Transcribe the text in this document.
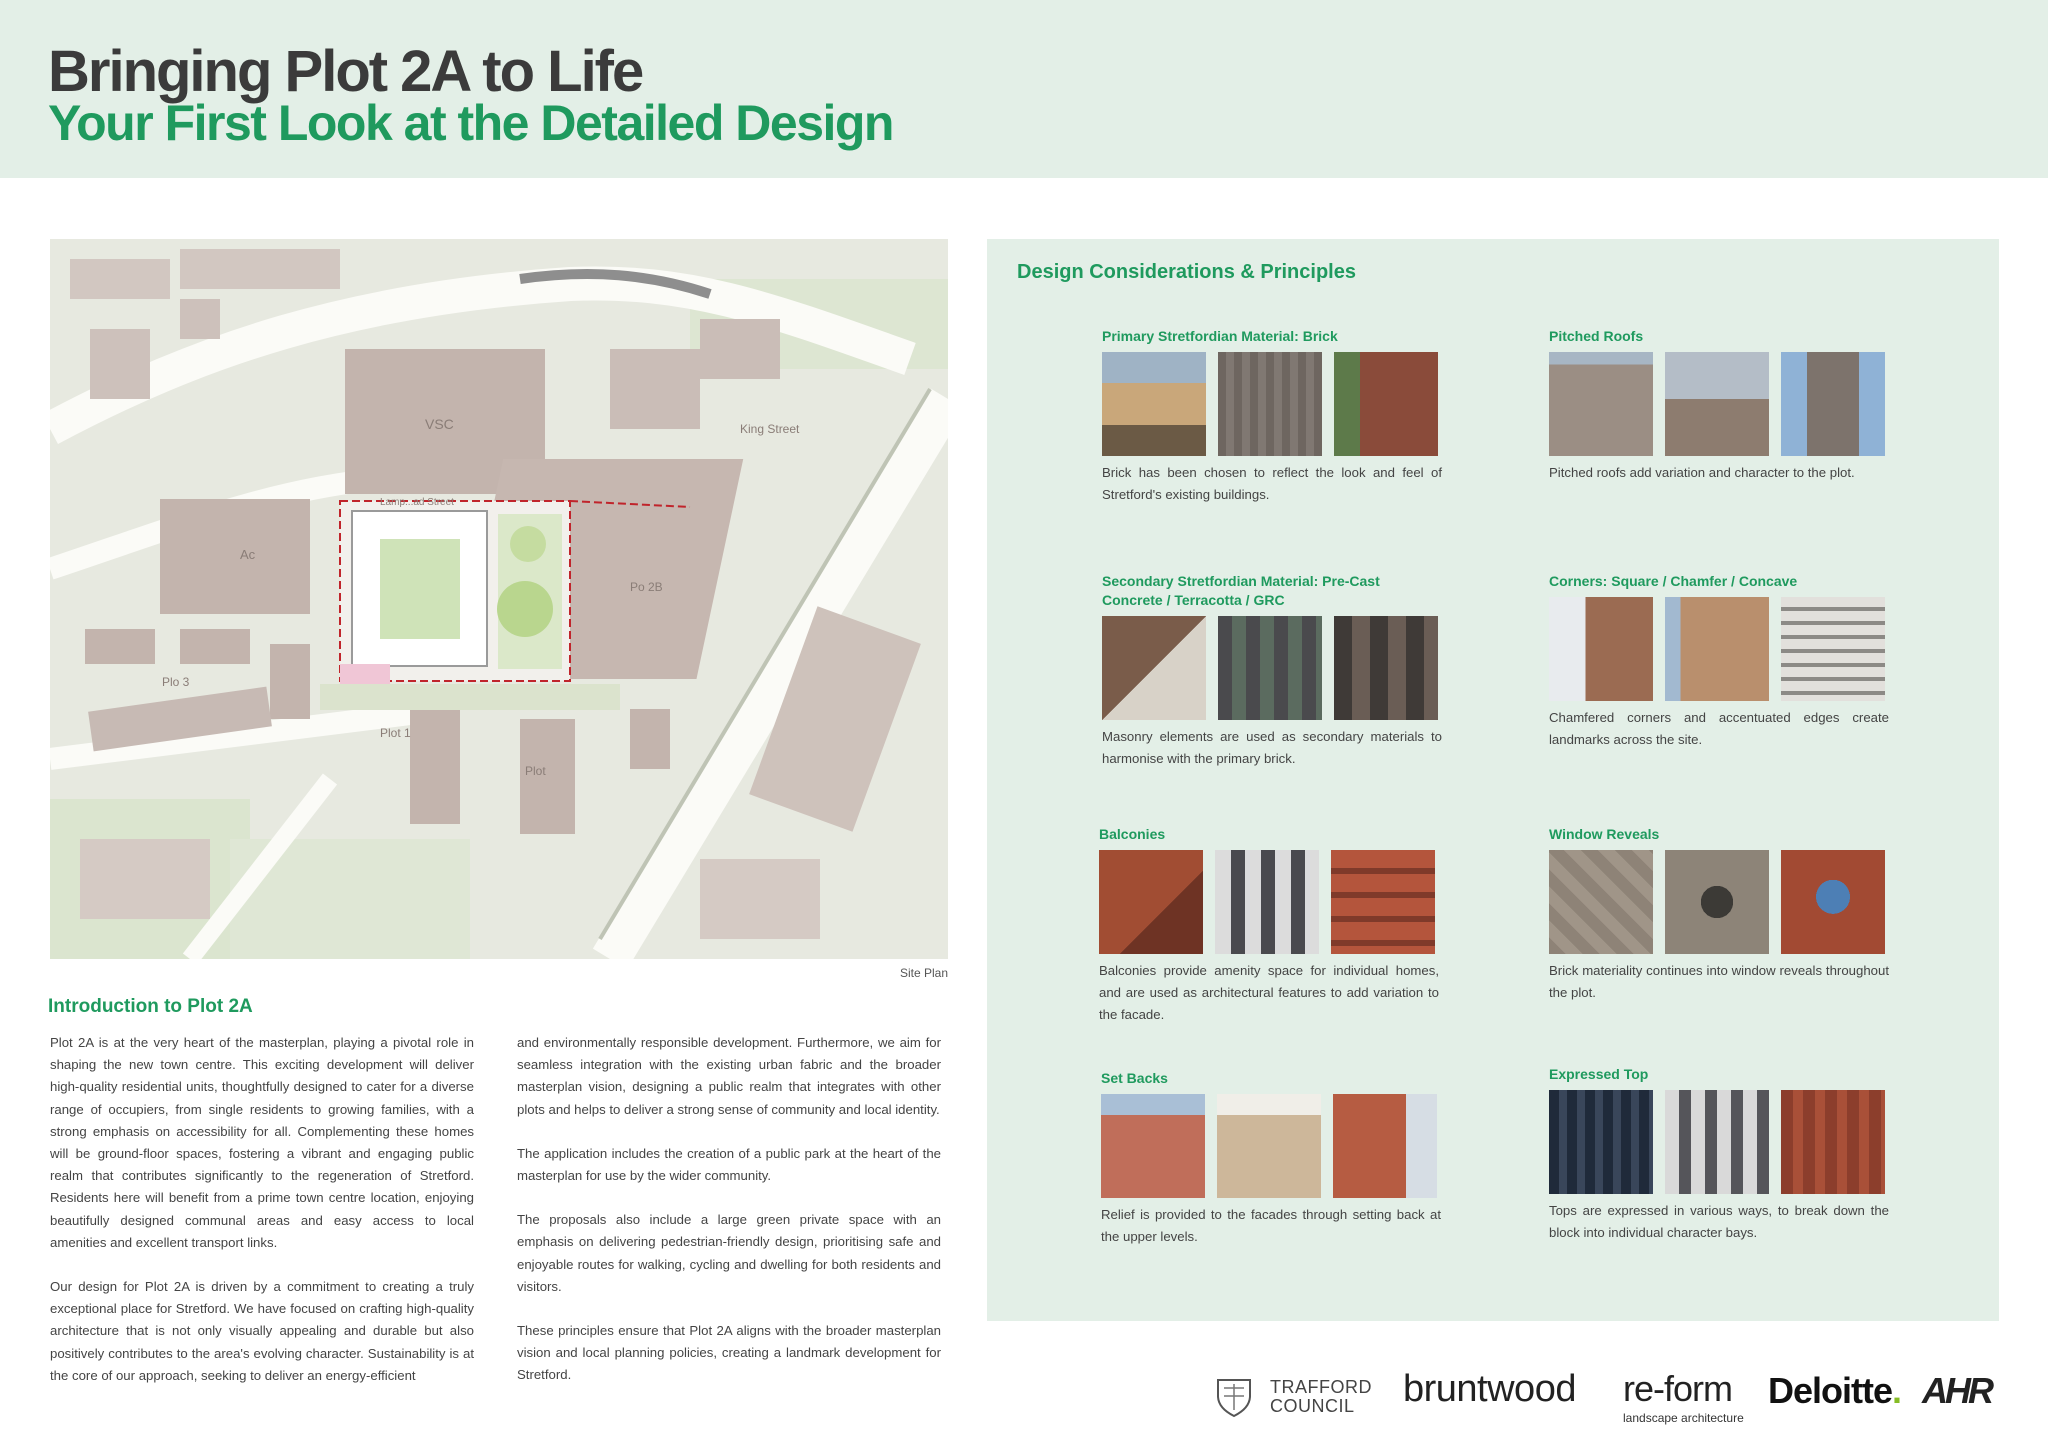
Bringing Plot 2A to Life
Your First Look at the Detailed Design
VSC	King Street
Ac
Po 2B
Plo 3
Plot 1
Plot
Lamp...ad Street
Site Plan
Introduction to Plot 2A

Plot 2A is at the very heart of the masterplan, playing a pivotal role in shaping the new town centre. This exciting development will deliver high-quality residential units, thoughtfully designed to cater for a diverse range of occupiers, from single residents to growing families, with a strong emphasis on accessibility for all. Complementing these homes will be ground-floor spaces, fostering a vibrant and engaging public realm that contributes significantly to the regeneration of Stretford. Residents here will benefit from a prime town centre location, enjoying beautifully designed communal areas and easy access to local amenities and excellent transport links.

Our design for Plot 2A is driven by a commitment to creating a truly exceptional place for Stretford. We have focused on crafting high-quality architecture that is not only visually appealing and durable but also positively contributes to the area's evolving character. Sustainability is at the core of our approach, seeking to deliver an energy-efficient

and environmentally responsible development. Furthermore, we aim for seamless integration with the existing urban fabric and the broader masterplan vision, designing a public realm that integrates with other plots and helps to deliver a strong sense of community and local identity.

The application includes the creation of a public park at the heart of the masterplan for use by the wider community.

The proposals also include a large green private space with an emphasis on delivering pedestrian-friendly design, prioritising safe and enjoyable routes for walking, cycling and dwelling for both residents and visitors.

These principles ensure that Plot 2A aligns with the broader masterplan vision and local planning policies, creating a landmark development for Stretford.

Design Considerations & Principles
Primary Stretfordian Material: Brick
Brick has been chosen to reflect the look and feel of Stretford's existing buildings.
Pitched Roofs
Pitched roofs add variation and character to the plot.
Secondary Stretfordian Material: Pre-Cast Concrete / Terracotta / GRC
Masonry elements are used as secondary materials to harmonise with the primary brick.
Corners: Square / Chamfer / Concave
Chamfered corners and accentuated edges create landmarks across the site.
Balconies
Balconies provide amenity space for individual homes, and are used as architectural features to add variation to the facade.
Window Reveals
Brick materiality continues into window reveals throughout the plot.
Set Backs
Relief is provided to the facades through setting back at the upper levels.
Expressed Top
Tops are expressed in various ways, to break down the block into individual character bays.
TRAFFORD
COUNCIL	bruntwood re-form
landscape architecture
Deloitte. AHR
